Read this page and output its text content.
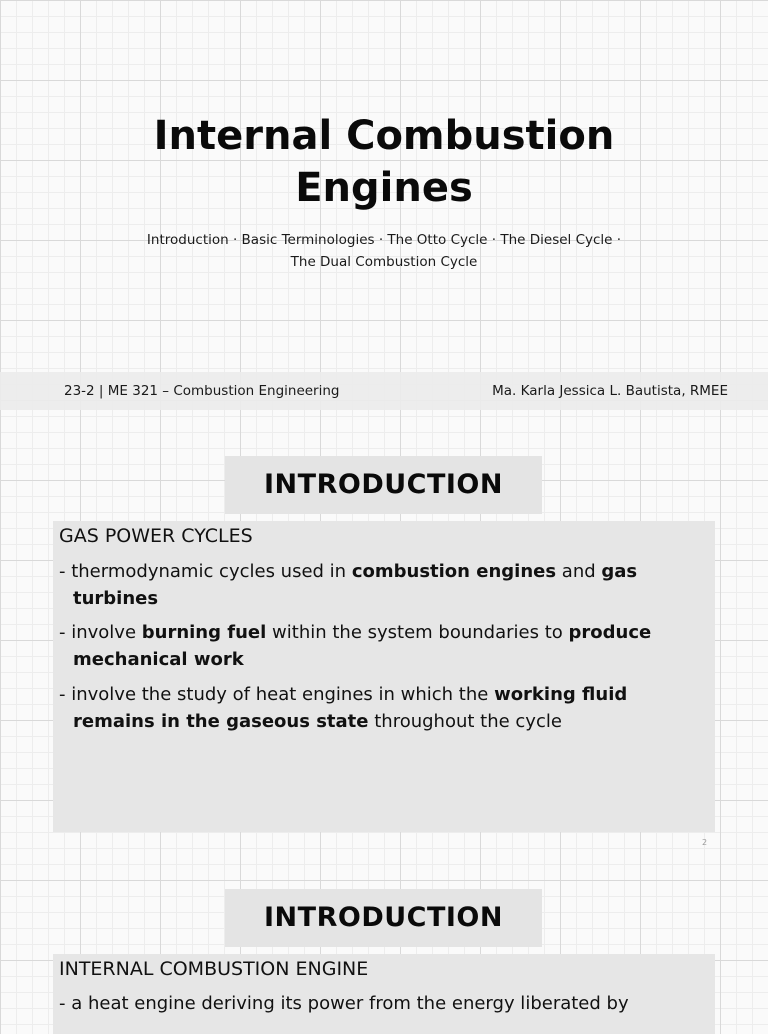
Internal Combustion
Engines
Introduction · Basic Terminologies · The Otto Cycle · The Diesel Cycle ·
The Dual Combustion Cycle
23-2 | ME 321 – Combustion Engineering	Ma. Karla Jessica L. Bautista, RMEE
INTRODUCTION
GAS POWER CYCLES
- thermodynamic cycles used in combustion engines and gas turbines
- involve burning fuel within the system boundaries to produce mechanical work
- involve the study of heat engines in which the working fluid remains in the gaseous state throughout the cycle
2
INTRODUCTION
INTERNAL COMBUSTION ENGINE
- a heat engine deriving its power from the energy liberated by
